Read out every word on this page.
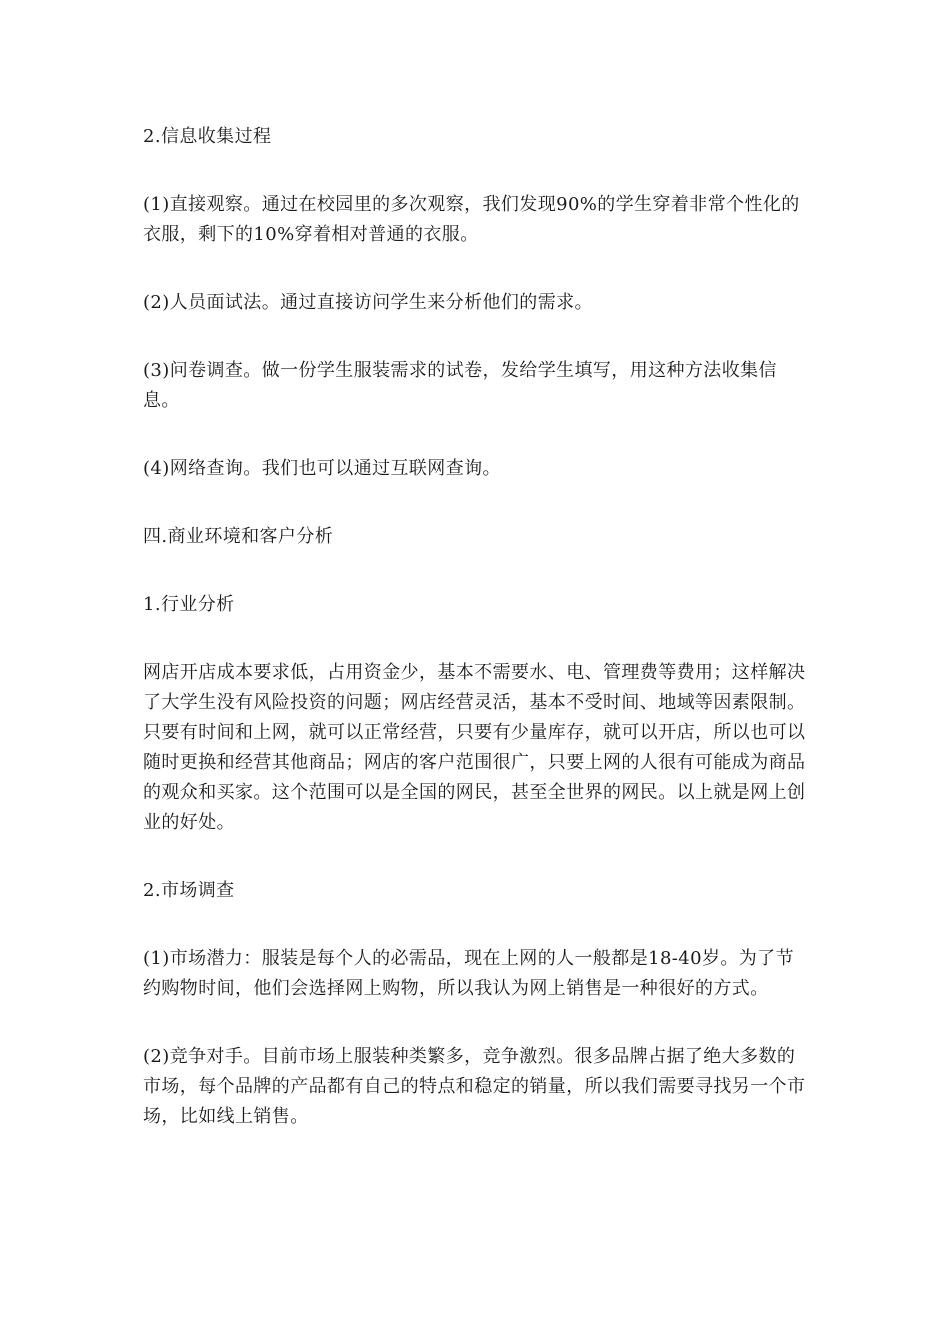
2.信息收集过程

(1)直接观察。通过在校园里的多次观察，我们发现90%的学生穿着非常个性化的衣服，剩下的10%穿着相对普通的衣服。

(2)人员面试法。通过直接访问学生来分析他们的需求。

(3)问卷调查。做一份学生服装需求的试卷，发给学生填写，用这种方法收集信息。

(4)网络查询。我们也可以通过互联网查询。

四.商业环境和客户分析

1.行业分析

网店开店成本要求低，占用资金少，基本不需要水、电、管理费等费用；这样解决了大学生没有风险投资的问题；网店经营灵活，基本不受时间、地域等因素限制。只要有时间和上网，就可以正常经营，只要有少量库存，就可以开店，所以也可以随时更换和经营其他商品；网店的客户范围很广，只要上网的人很有可能成为商品的观众和买家。这个范围可以是全国的网民，甚至全世界的网民。以上就是网上创业的好处。

2.市场调查

(1)市场潜力：服装是每个人的必需品，现在上网的人一般都是18-40岁。为了节约购物时间，他们会选择网上购物，所以我认为网上销售是一种很好的方式。

(2)竞争对手。目前市场上服装种类繁多，竞争激烈。很多品牌占据了绝大多数的市场，每个品牌的产品都有自己的特点和稳定的销量，所以我们需要寻找另一个市场，比如线上销售。
